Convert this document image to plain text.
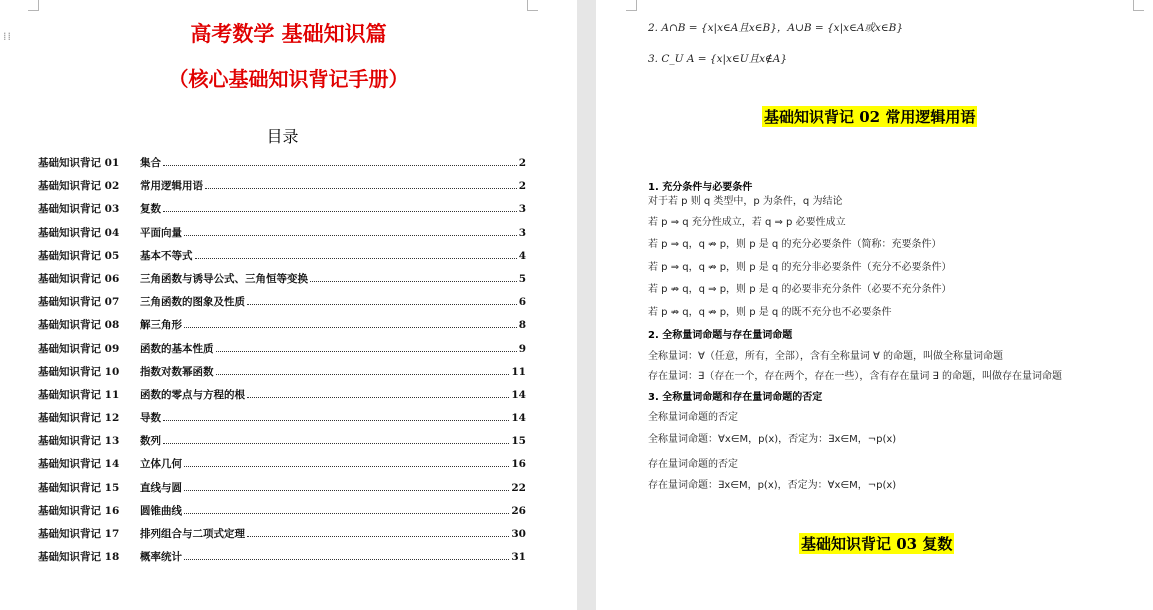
⁞⁞	高考数学 基础知识篇
（核心基础知识背记手册）
目录
基础知识背记 01	集合	2
基础知识背记 02	常用逻辑用语	2
基础知识背记 03	复数	3
基础知识背记 04	平面向量	3
基础知识背记 05	基本不等式	4
基础知识背记 06	三角函数与诱导公式、三角恒等变换	5
基础知识背记 07	三角函数的图象及性质	6
基础知识背记 08	解三角形	8
基础知识背记 09	函数的基本性质	9
基础知识背记 10	指数对数幂函数	11
基础知识背记 11	函数的零点与方程的根	14
基础知识背记 12	导数	14
基础知识背记 13	数列	15
基础知识背记 14	立体几何	16
基础知识背记 15	直线与圆	22
基础知识背记 16	圆锥曲线	26
基础知识背记 17	排列组合与二项式定理	30
基础知识背记 18	概率统计	31
2. A∩B = {x|x∈A且x∈B}，A∪B = {x|x∈A或x∈B}
3. C_U A = {x|x∈U且x∉A}
基础知识背记 02 常用逻辑用语
1. 充分条件与必要条件
对于若 p 则 q 类型中，p 为条件，q 为结论
若 p ⇒ q 充分性成立，若 q ⇒ p 必要性成立
若 p ⇒ q，q ⇏ p，则 p 是 q 的充分必要条件（简称：充要条件）
若 p ⇒ q，q ⇏ p，则 p 是 q 的充分非必要条件（充分不必要条件）
若 p ⇏ q，q ⇒ p，则 p 是 q 的必要非充分条件（必要不充分条件）
若 p ⇏ q，q ⇏ p，则 p 是 q 的既不充分也不必要条件
2. 全称量词命题与存在量词命题
全称量词：∀（任意，所有，全部），含有全称量词 ∀ 的命题，叫做全称量词命题
存在量词：∃（存在一个，存在两个，存在一些），含有存在量词 ∃ 的命题，叫做存在量词命题
3. 全称量词命题和存在量词命题的否定
全称量词命题的否定
全称量词命题：∀x∈M，p(x)，否定为：∃x∈M，¬p(x)
存在量词命题的否定
存在量词命题：∃x∈M，p(x)，否定为：∀x∈M，¬p(x)
基础知识背记 03 复数
